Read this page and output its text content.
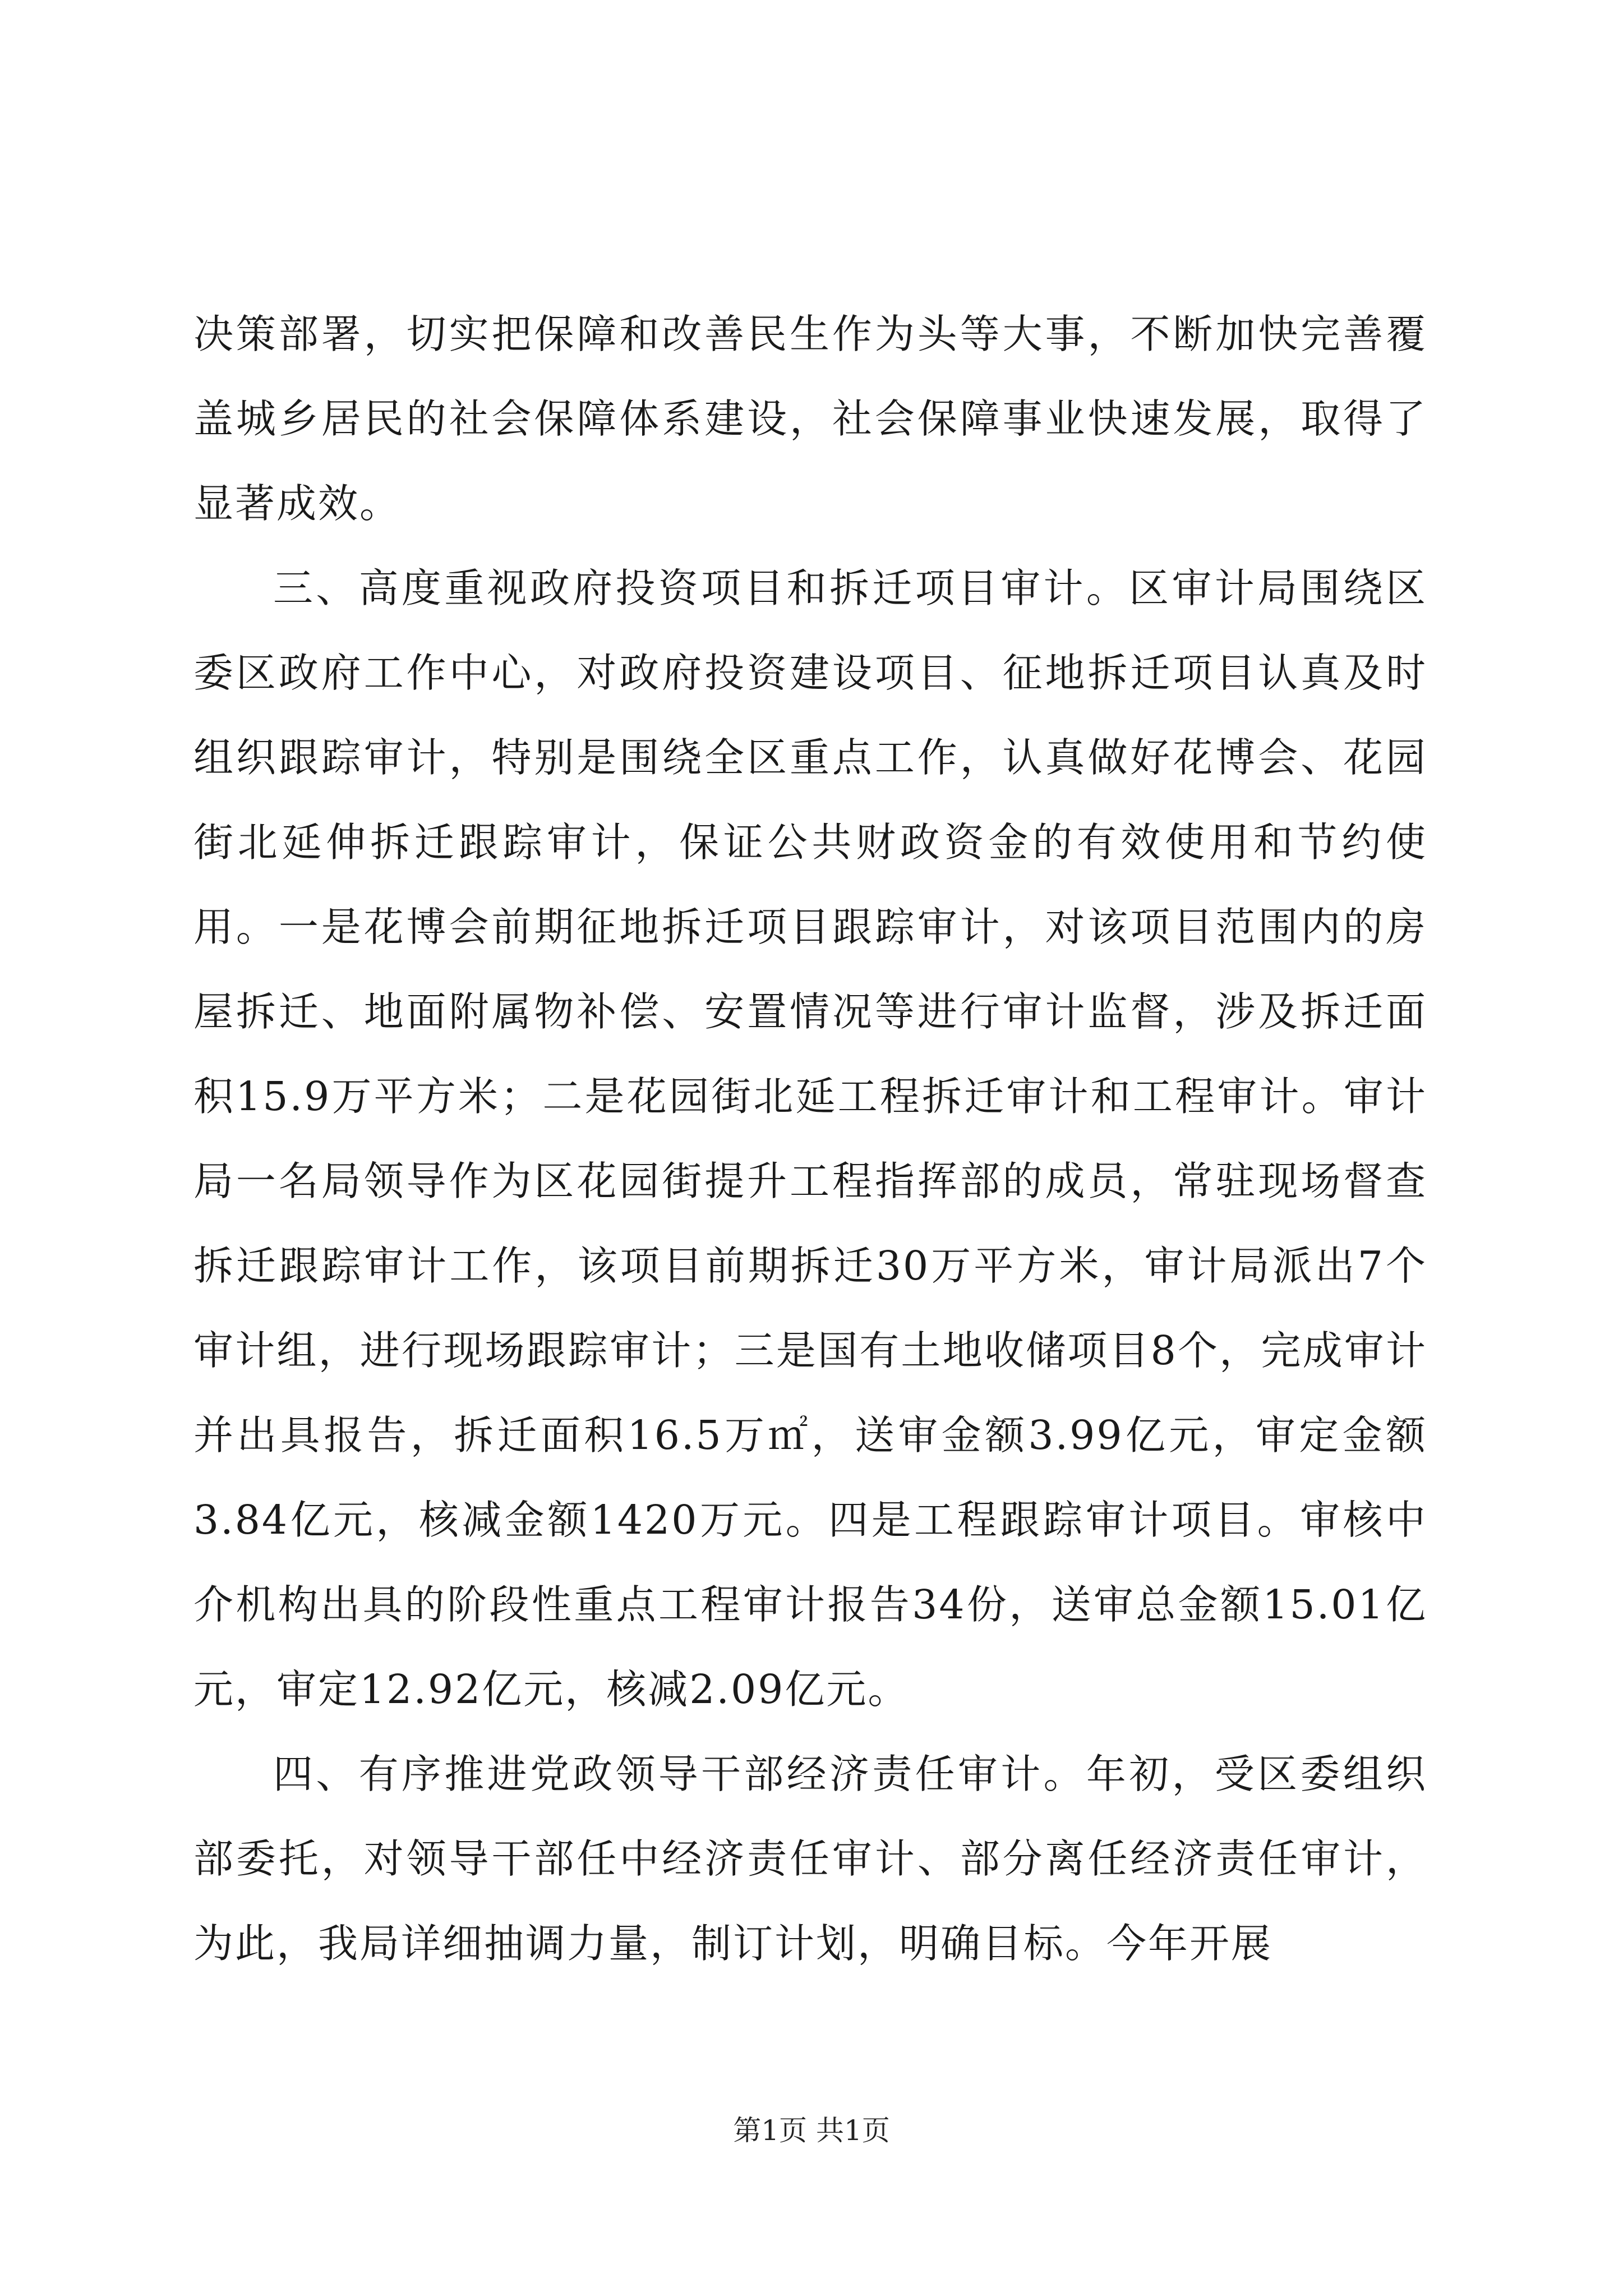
决策部署，切实把保障和改善民生作为头等大事，不断加快完善覆盖城乡居民的社会保障体系建设，社会保障事业快速发展，取得了显著成效。

三、高度重视政府投资项目和拆迁项目审计。区审计局围绕区委区政府工作中心，对政府投资建设项目、征地拆迁项目认真及时组织跟踪审计，特别是围绕全区重点工作，认真做好花博会、花园街北延伸拆迁跟踪审计，保证公共财政资金的有效使用和节约使用。一是花博会前期征地拆迁项目跟踪审计，对该项目范围内的房屋拆迁、地面附属物补偿、安置情况等进行审计监督，涉及拆迁面积15.9万平方米；二是花园街北延工程拆迁审计和工程审计。审计局一名局领导作为区花园街提升工程指挥部的成员，常驻现场督查拆迁跟踪审计工作，该项目前期拆迁30万平方米，审计局派出7个审计组，进行现场跟踪审计；三是国有土地收储项目8个，完成审计并出具报告，拆迁面积16.5万㎡，送审金额3.99亿元，审定金额3.84亿元，核减金额1420万元。四是工程跟踪审计项目。审核中介机构出具的阶段性重点工程审计报告34份，送审总金额15.01亿元，审定12.92亿元，核减2.09亿元。

四、有序推进党政领导干部经济责任审计。年初，受区委组织部委托，对领导干部任中经济责任审计、部分离任经济责任审计，为此，我局详细抽调力量，制订计划，明确目标。今年开展

第1页 共1页
